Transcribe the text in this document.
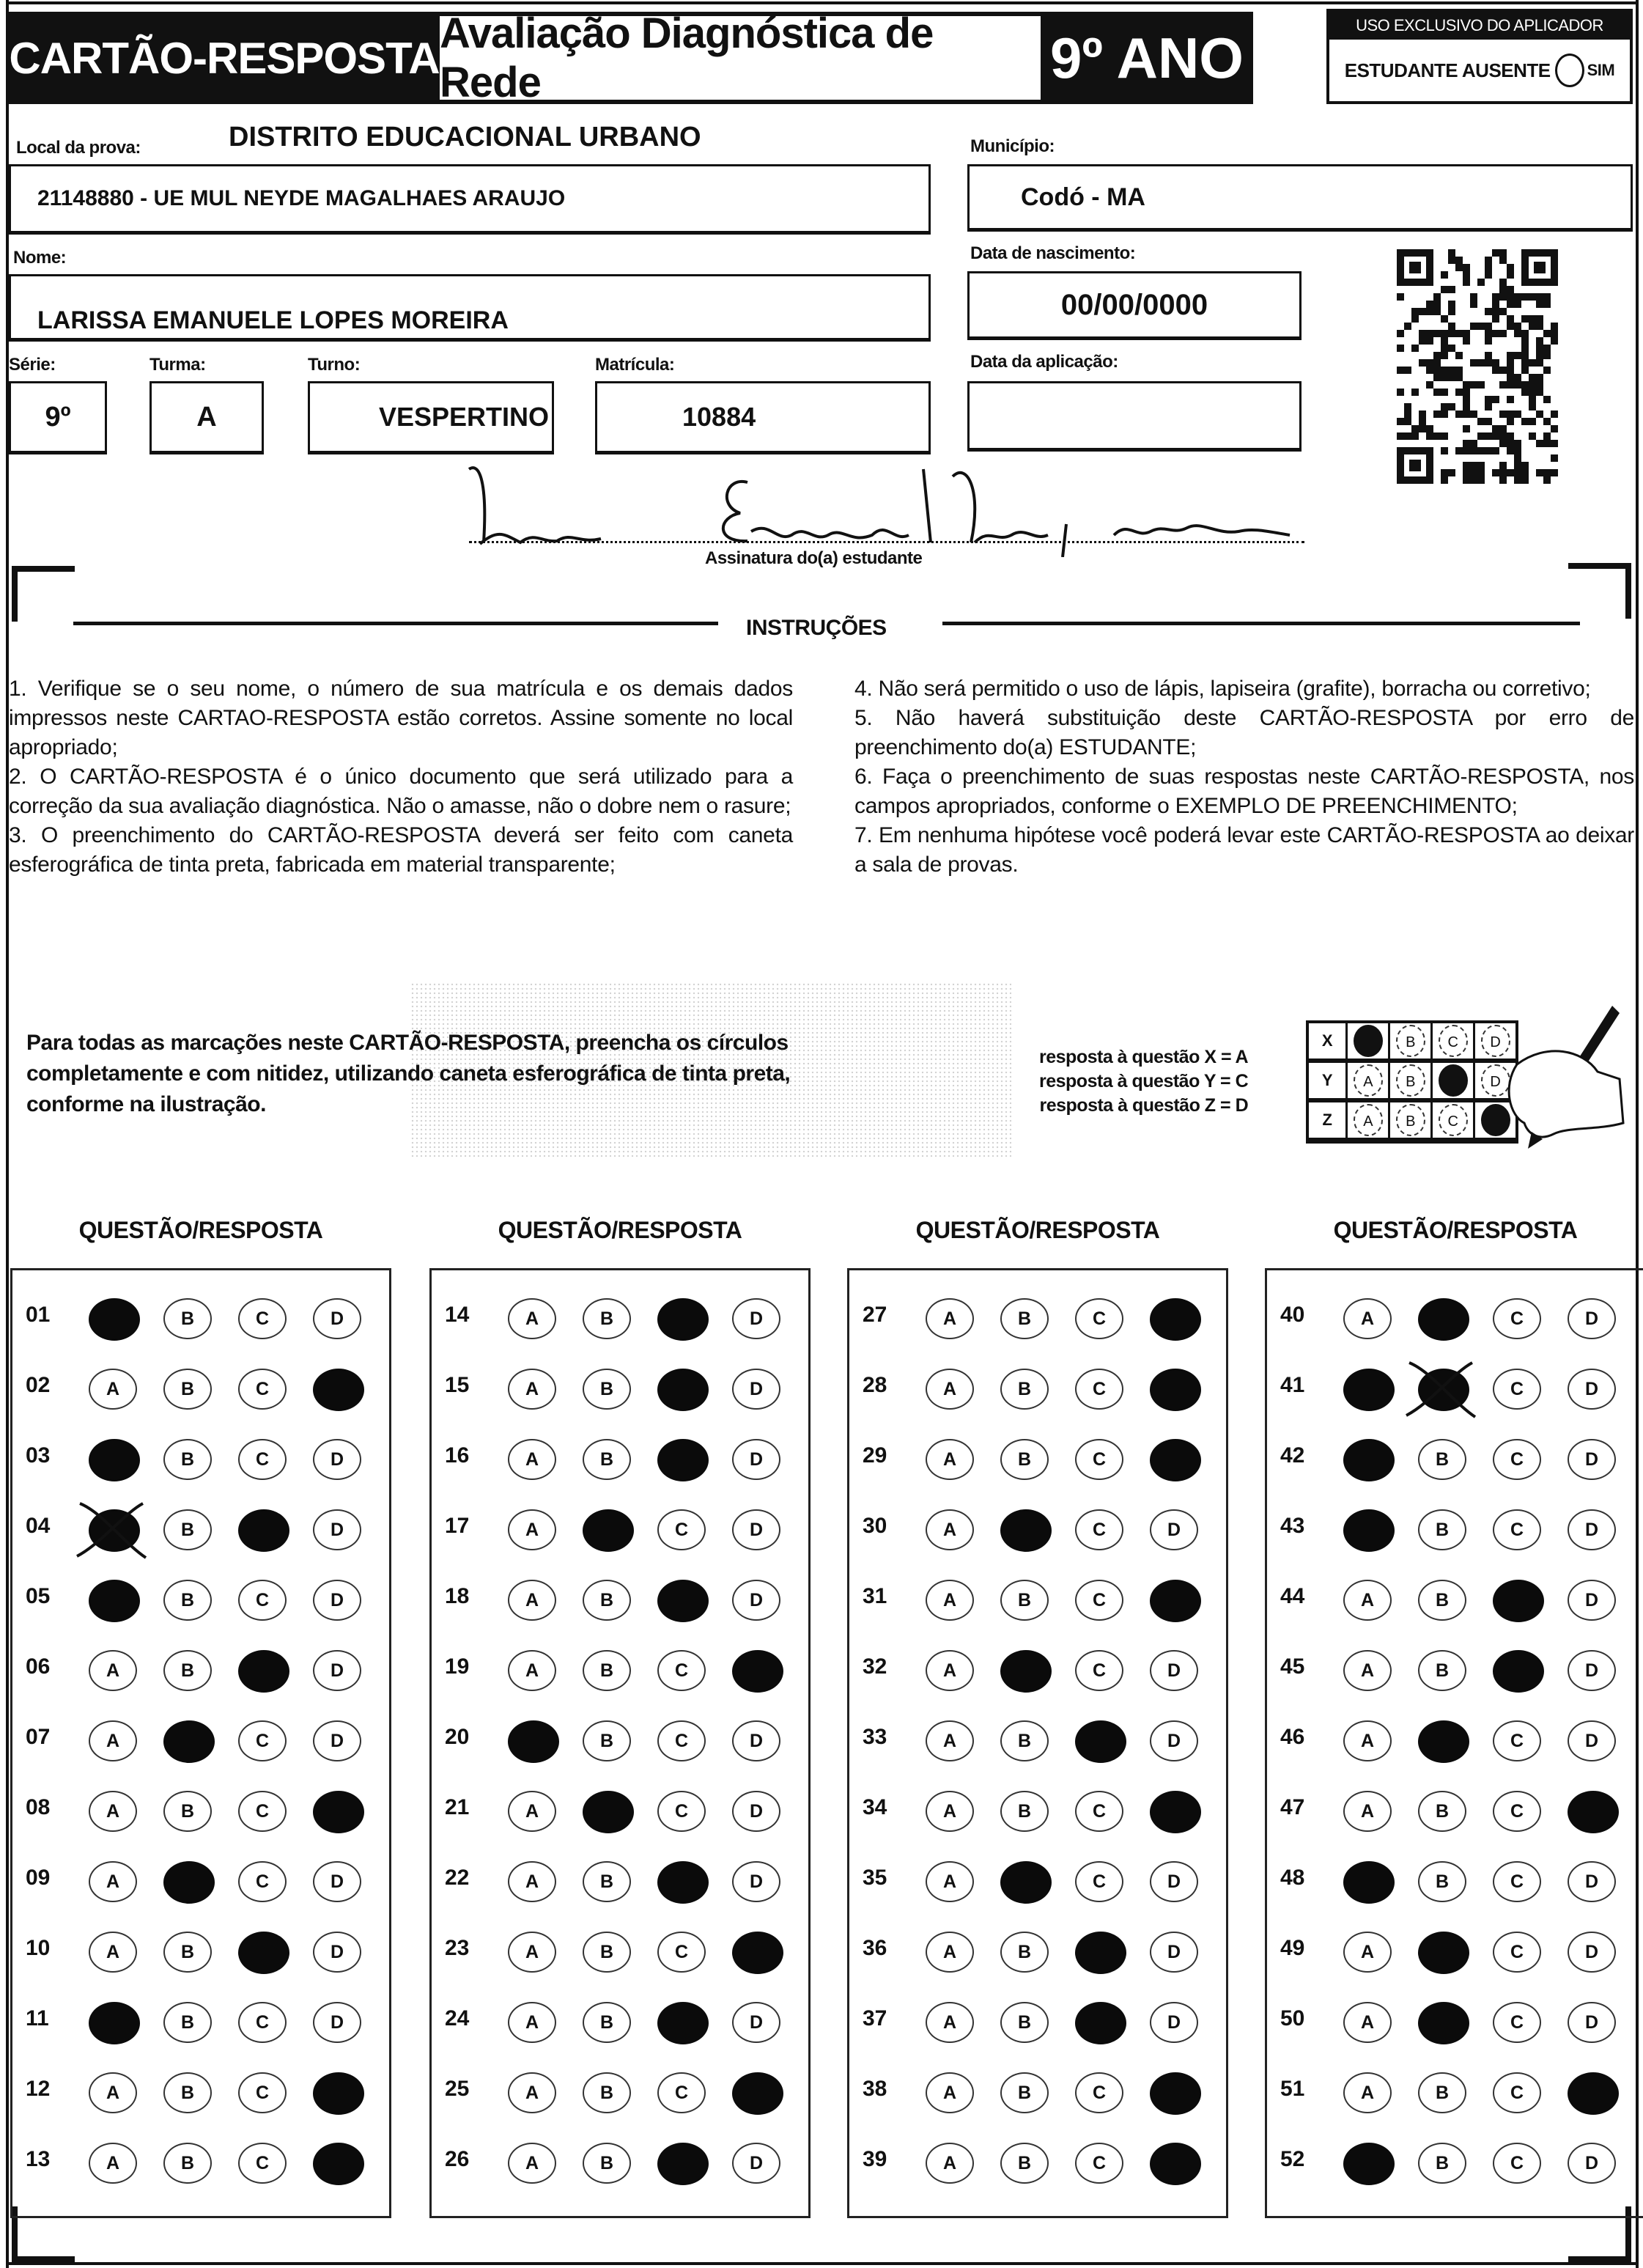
CARTÃO-RESPOSTA Avaliação Diagnóstica de Rede	9º ANO	USO EXCLUSIVO DO APLICADOR
ESTUDANTE AUSENTE SIM
Local da prova:	DISTRITO EDUCACIONAL URBANO
21148880 - UE MUL NEYDE MAGALHAES ARAUJO
Município:
Codó - MA
Nome:
LARISSA EMANUELE LOPES MOREIRA
Data de nascimento:
00/00/0000
Série:
9º
Turma:
A
Turno:
VESPERTINO
Matrícula:
10884
Data da aplicação:
Assinatura do(a) estudante
INSTRUÇÕES

1. Verifique se o seu nome, o número de sua matrícula e os demais dados impressos neste CARTAO-RESPOSTA estão corretos. Assine somente no local apropriado;

2. O CARTÃO-RESPOSTA é o único documento que será utilizado para a correção da sua avaliação diagnóstica. Não o amasse, não o dobre nem o rasure;

3. O preenchimento do CARTÃO-RESPOSTA deverá ser feito com caneta esferográfica de tinta preta, fabricada em material transparente;

4. Não será permitido o uso de lápis, lapiseira (grafite), borracha ou corretivo;

5. Não haverá substituição deste CARTÃO-RESPOSTA por erro de preenchimento do(a) ESTUDANTE;

6. Faça o preenchimento de suas respostas neste CARTÃO-RESPOSTA, nos campos apropriados, conforme o EXEMPLO DE PREENCHIMENTO;

7. Em nenhuma hipótese você poderá levar este CARTÃO-RESPOSTA ao deixar a sala de provas.

Para todas as marcações neste CARTÃO-RESPOSTA, preencha os círculos completamente e com nitidez, utilizando caneta esferográfica de tinta preta, conforme na ilustração.
resposta à questão X = A
resposta à questão Y = C
resposta à questão Z = D
X		B	C	D
Y	A	B		D
Z	A	B	C	
QUESTÃO/RESPOSTA
01	B	C	D
02	A	B	C
03	B	C	D
04	B	D
05	B	C	D
06	A	B	D
07	A	C	D
08	A	B	C
09	A	C	D
10	A	B	D
11	B	C	D
12	A	B	C
13	A	B	C
QUESTÃO/RESPOSTA
14	A	B	D
15	A	B	D
16	A	B	D
17	A	C	D
18	A	B	D
19	A	B	C
20	B	C	D
21	A	C	D
22	A	B	D
23	A	B	C
24	A	B	D
25	A	B	C
26	A	B	D
QUESTÃO/RESPOSTA
27	A	B	C
28	A	B	C
29	A	B	C
30	A	C	D
31	A	B	C
32	A	C	D
33	A	B	D
34	A	B	C
35	A	C	D
36	A	B	D
37	A	B	D
38	A	B	C
39	A	B	C
QUESTÃO/RESPOSTA
40	A	C	D
41	C	D
42	B	C	D
43	B	C	D
44	A	B	D
45	A	B	D
46	A	C	D
47	A	B	C
48	B	C	D
49	A	C	D
50	A	C	D
51	A	B	C
52	B	C	D
